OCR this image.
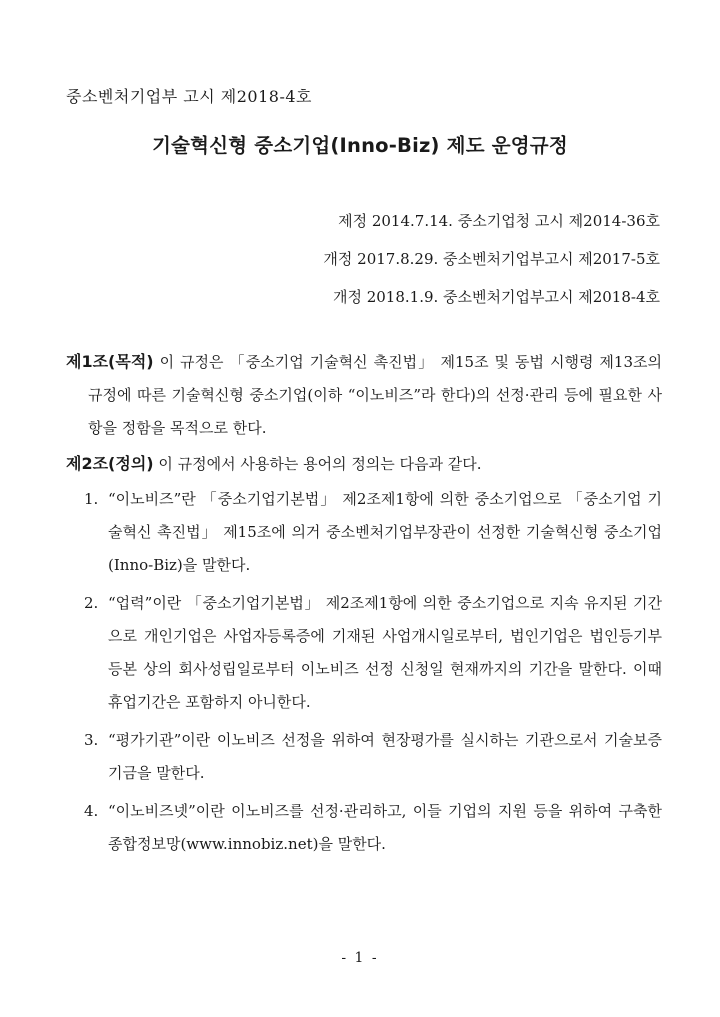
중소벤처기업부 고시 제2018-4호
기술혁신형 중소기업(Inno-Biz) 제도 운영규정
제정 2014.7.14. 중소기업청 고시 제2014-36호
개정 2017.8.29. 중소벤처기업부고시 제2017-5호
개정 2018.1.9. 중소벤처기업부고시 제2018-4호
제1조(목적) 이 규정은 「중소기업 기술혁신 촉진법」 제15조 및 동법 시행령 제13조의 규정에 따른 기술혁신형 중소기업(이하 “이노비즈”라 한다)의 선정·관리 등에 필요한 사항을 정함을 목적으로 한다.
제2조(정의) 이 규정에서 사용하는 용어의 정의는 다음과 같다.
1. “이노비즈”란 「중소기업기본법」 제2조제1항에 의한 중소기업으로 「중소기업 기술혁신 촉진법」 제15조에 의거 중소벤처기업부장관이 선정한 기술혁신형 중소기업(Inno-Biz)을 말한다.
2. “업력”이란 「중소기업기본법」 제2조제1항에 의한 중소기업으로 지속 유지된 기간으로 개인기업은 사업자등록증에 기재된 사업개시일로부터, 법인기업은 법인등기부등본 상의 회사성립일로부터 이노비즈 선정 신청일 현재까지의 기간을 말한다. 이때 휴업기간은 포함하지 아니한다.
3. “평가기관”이란 이노비즈 선정을 위하여 현장평가를 실시하는 기관으로서 기술보증기금을 말한다.
4. “이노비즈넷”이란 이노비즈를 선정·관리하고, 이들 기업의 지원 등을 위하여 구축한 종합정보망(www.innobiz.net)을 말한다.
- 1 -
